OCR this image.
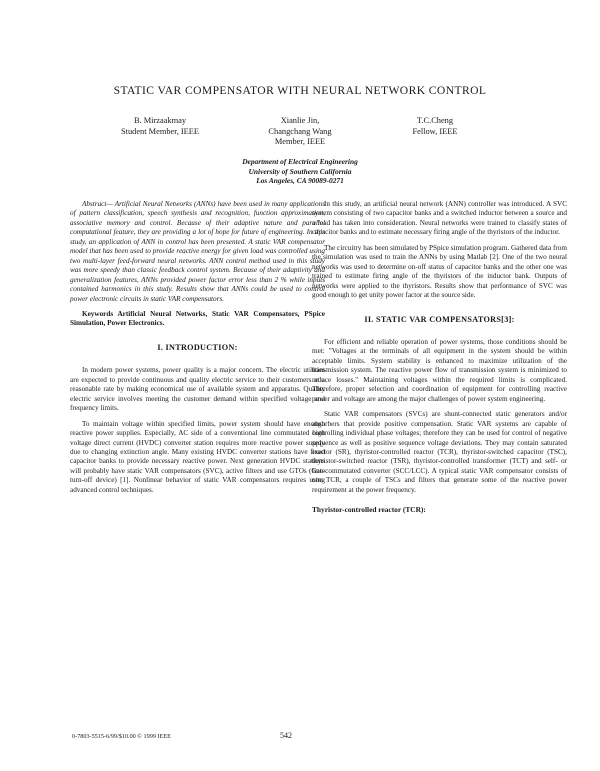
STATIC VAR COMPENSATOR WITH NEURAL NETWORK CONTROL
B. Mirzaakmay
Student Member, IEEE
Xianlie Jin,
Changchang Wang
Member, IEEE
T.C.Cheng
Fellow, IEEE
Department of Electrical Engineering
University of Southern California
Los Angeles, CA 90089-0271

Abstract— Artificial Neural Networks (ANNs) have been used in many applications of pattern classification, speech synthesis and recognition, function approximation, associative memory and control. Because of their adaptive nature and parallel computational feature, they are providing a lot of hope for future of engineering. In this study, an application of ANN in control has been presented. A static VAR compensator model that has been used to provide reactive energy for given load was controlled using two multi-layer feed-forward neural networks. ANN control method used in this study was more speedy than classic feedback control system. Because of their adaptivity and generalization features, ANNs provided power factor error less than 2 % while inputs contained harmonics in this study. Results show that ANNs could be used to control power electronic circuits in static VAR compensators.

Keywords Artificial Neural Networks, Static VAR Compensators, PSpice Simulation, Power Electronics.

I. INTRODUCTION:

In modern power systems, power quality is a major concern. The electric utilities are expected to provide continuous and quality electric service to their customers at a reasonable rate by making economical use of available system and apparatus. Quality electric service involves meeting the customer demand within specified voltage and frequency limits.

To maintain voltage within specified limits, power system should have enough reactive power supplies. Especially, AC side of a conventional line commutated high voltage direct current (HVDC) converter station requires more reactive power supply due to changing extinction angle. Many existing HVDC converter stations have fixed capacitor banks to provide necessary reactive power. Next generation HVDC stations will probably have static VAR compensators (SVC), active filters and use GTOs (Gate turn-off device) [1]. Nonlinear behavior of static VAR compensators requires using advanced control techniques.

In this study, an artificial neural network (ANN) controller was introduced. A SVC system consisting of two capacitor banks and a switched inductor between a source and a load has taken into consideration. Neural networks were trained to classify states of capacitor banks and to estimate necessary firing angle of the thyristors of the inductor.

The circuitry has been simulated by PSpice simulation program. Gathered data from the simulation was used to train the ANNs by using Matlab [2]. One of the two neural networks was used to determine on-off status of capacitor banks and the other one was trained to estimate firing angle of the thyristors of the inductor bank. Outputs of networks were applied to the thyristors. Results show that performance of SVC was good enough to get unity power factor at the source side.

II. STATIC VAR COMPENSATORS[3]:

For efficient and reliable operation of power systems, those conditions should be met: "Voltages at the terminals of all equipment in the system should be within acceptable limits. System stability is enhanced to maximize utilization of the transmission system. The reactive power flow of transmission system is minimized to reduce losses." Maintaining voltages within the required limits is complicated. Therefore, proper selection and coordination of equipment for controlling reactive power and voltage are among the major challenges of power system engineering.

Static VAR compensators (SVCs) are shunt-connected static generators and/or absorbers that provide positive compensation. Static VAR systems are capable of controlling individual phase voltages; therefore they can be used for control of negative sequence as well as positive sequence voltage deviations. They may contain saturated reactor (SR), thyristor-controlled reactor (TCR), thyristor-switched capacitor (TSC), thyristor-switched reactor (TSR), thyristor-controlled transformer (TCT) and self- or line-commutated converter (SCC/LCC). A typical static VAR compensator consists of one TCR, a couple of TSCs and filters that generate some of the reactive power requirement at the power frequency.

Thyristor-controlled reactor (TCR):
0-7803-5515-6/99/$10.00 © 1999 IEEE	542
